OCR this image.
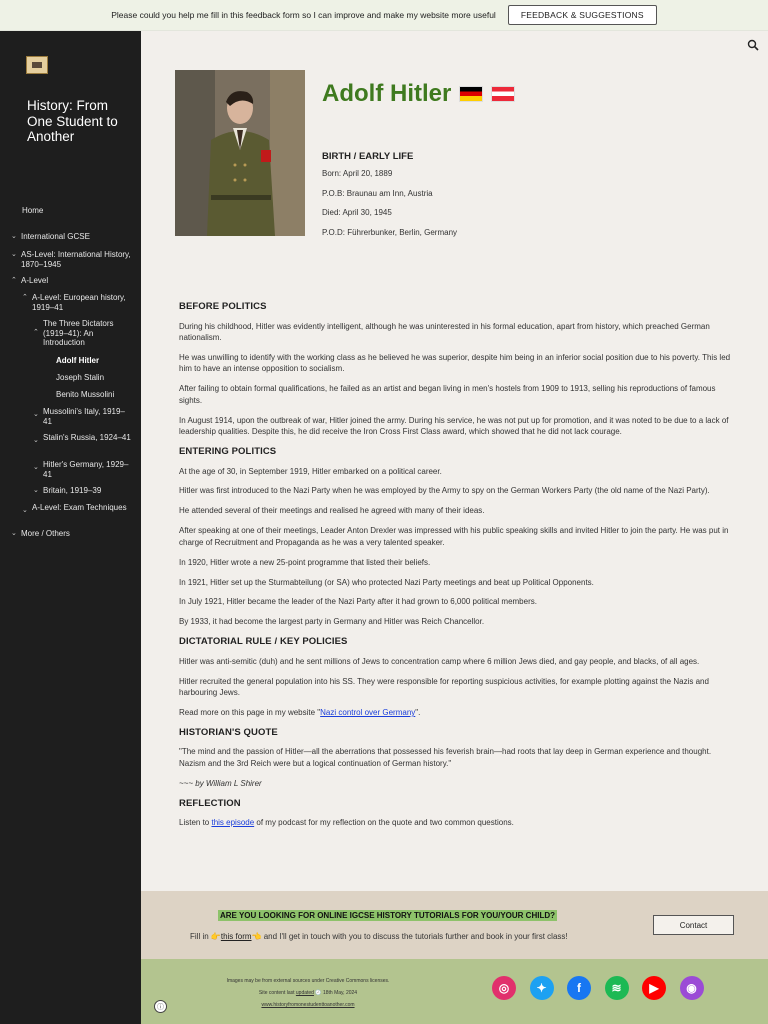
Please could you help me fill in this feedback form so I can improve and make my website more useful	FEEDBACK & SUGGESTIONS
History: From One Student to Another
Home
⌄ International GCSE
⌄ AS-Level: International History, 1870–1945
⌃ A-Level
⌃ A-Level: European history, 1919–41
⌃
The Three Dictators (1919–41): An Introduction
Adolf Hitler
Joseph Stalin
Benito Mussolini
⌄ Mussolini's Italy, 1919–41
⌄ Stalin's Russia, 1924–41
⌄ Hitler's Germany, 1929–41
⌄ Britain, 1919–39
⌄ A-Level: Exam Techniques
⌄ More / Others
Adolf Hitler
BIRTH / EARLY LIFE
Born: April 20, 1889
P.O.B: Braunau am Inn, Austria
Died: April 30, 1945
P.O.D: Führerbunker, Berlin, Germany
BEFORE POLITICS

During his childhood, Hitler was evidently intelligent, although he was uninterested in his formal education, apart from history, which preached German nationalism.

He was unwilling to identify with the working class as he believed he was superior, despite him being in an inferior social position due to his poverty. This led him to have an intense opposition to socialism.

After failing to obtain formal qualifications, he failed as an artist and began living in men's hostels from 1909 to 1913, selling his reproductions of famous sights.

In August 1914, upon the outbreak of war, Hitler joined the army. During his service, he was not put up for promotion, and it was noted to be due to a lack of leadership qualities. Despite this, he did receive the Iron Cross First Class award, which showed that he did not lack courage.

ENTERING POLITICS

At the age of 30, in September 1919, Hitler embarked on a political career.

Hitler was first introduced to the Nazi Party when he was employed by the Army to spy on the German Workers Party (the old name of the Nazi Party).

He attended several of their meetings and realised he agreed with many of their ideas.

After speaking at one of their meetings, Leader Anton Drexler was impressed with his public speaking skills and invited Hitler to join the party. He was put in charge of Recruitment and Propaganda as he was a very talented speaker.

In 1920, Hitler wrote a new 25-point programme that listed their beliefs.

In 1921, Hitler set up the Sturmabteilung (or SA) who protected Nazi Party meetings and beat up Political Opponents.

In July 1921, Hitler became the leader of the Nazi Party after it had grown to 6,000 political members.

By 1933, it had become the largest party in Germany and Hitler was Reich Chancellor.

DICTATORIAL RULE / KEY POLICIES

Hitler was anti-semitic (duh) and he sent millions of Jews to concentration camp where 6 million Jews died, and gay people, and blacks, of all ages.

Hitler recruited the general population into his SS. They were responsible for reporting suspicious activities, for example plotting against the Nazis and harbouring Jews.

Read more on this page in my website "Nazi control over Germany".

HISTORIAN'S QUOTE

"The mind and the passion of Hitler—all the aberrations that possessed his feverish brain—had roots that lay deep in German experience and thought. Nazism and the 3rd Reich were but a logical continuation of German history."

~~~ by William L Shirer

REFLECTION

Listen to this episode of my podcast for my reflection on the quote and two common questions.

ARE YOU LOOKING FOR ONLINE IGCSE HISTORY TUTORIALS FOR YOU/YOUR CHILD?
Fill in 👉this form👈 and I'll get in touch with you to discuss the tutorials further and book in your first class!
Contact
Images may be from external sources under Creative Commons licenses.
Site content last updated 🕗 18th May, 2024
www.historyfromonestudenttoanother.com
◎	✦	f	≋	▶	◉
ⓘ
